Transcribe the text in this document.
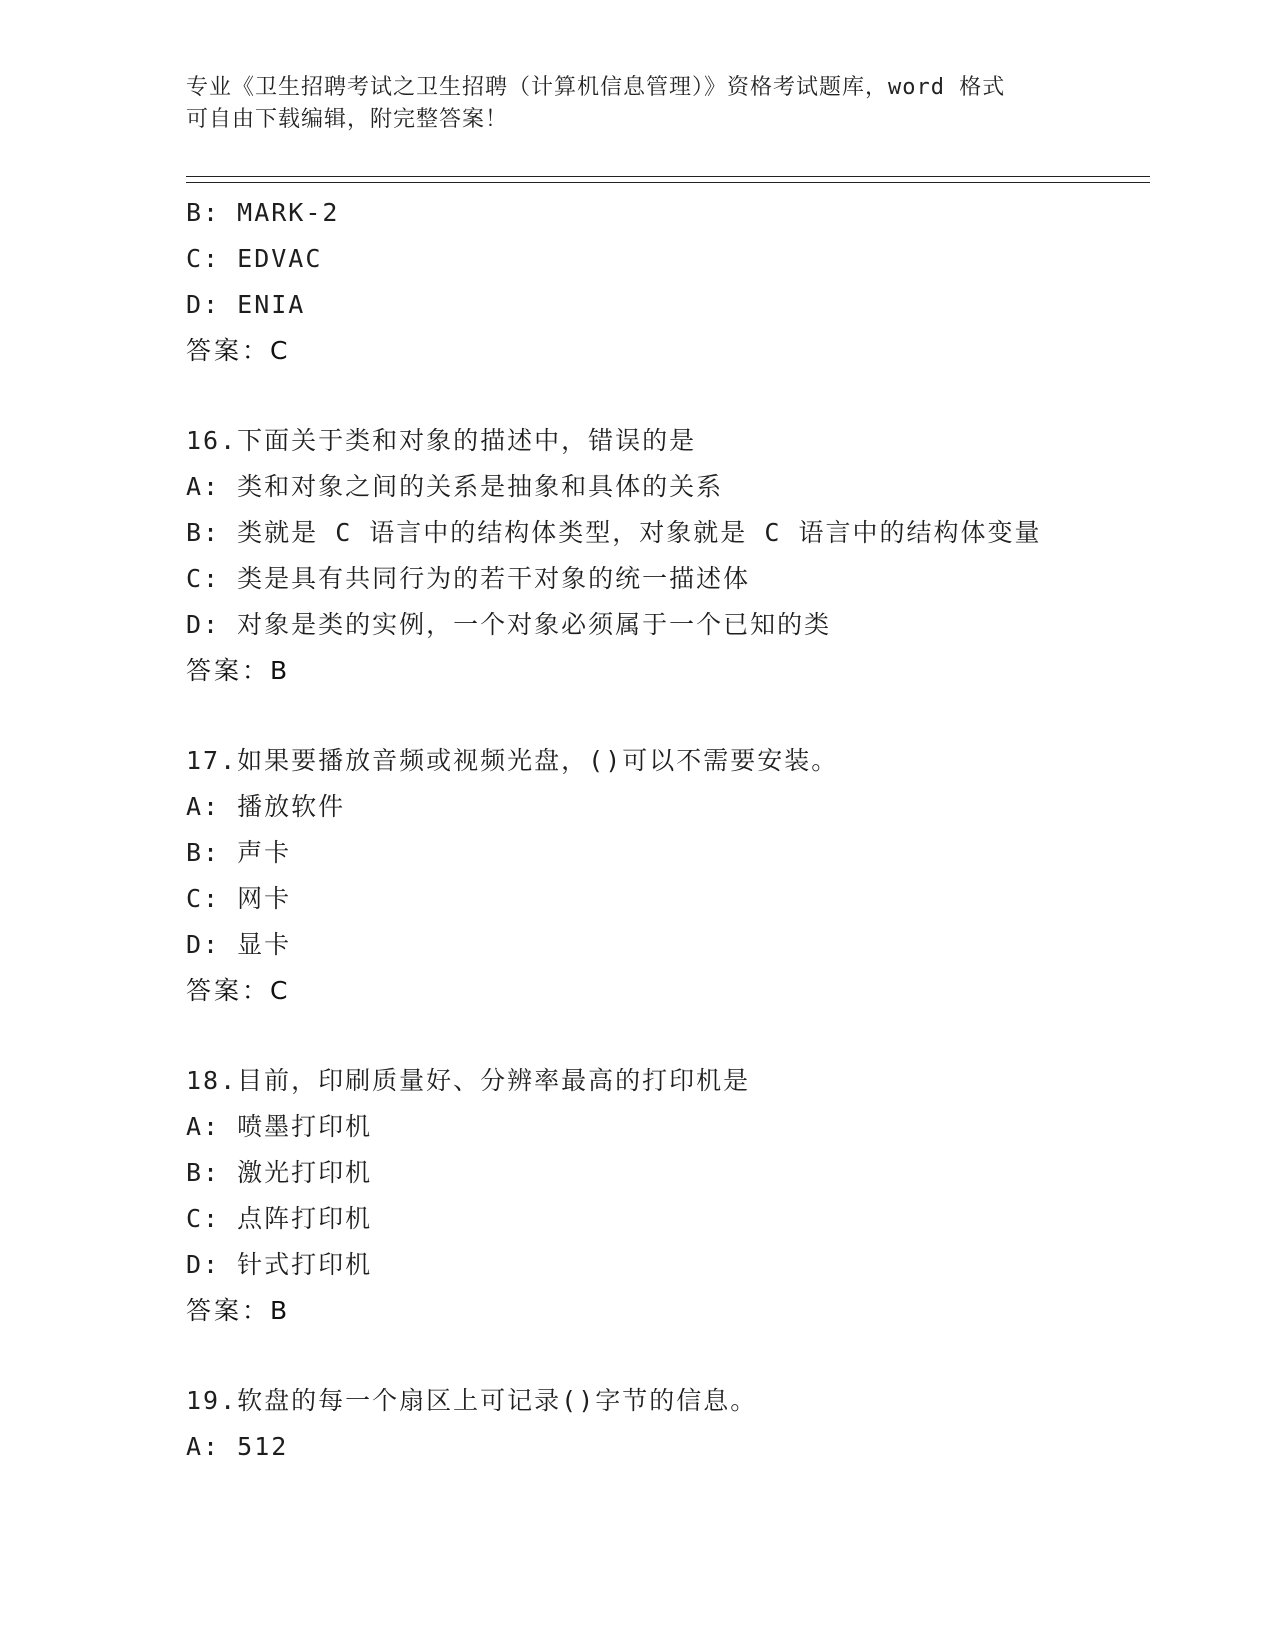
专业《卫生招聘考试之卫生招聘（计算机信息管理）》资格考试题库，word 格式
可自由下载编辑，附完整答案！
B: MARK-2
C: EDVAC
D: ENIA
答案：C
16.下面关于类和对象的描述中，错误的是
A: 类和对象之间的关系是抽象和具体的关系
B: 类就是 C 语言中的结构体类型，对象就是 C 语言中的结构体变量
C: 类是具有共同行为的若干对象的统一描述体
D: 对象是类的实例，一个对象必须属于一个已知的类
答案：B
17.如果要播放音频或视频光盘，()可以不需要安装。
A: 播放软件
B: 声卡
C: 网卡
D: 显卡
答案：C
18.目前，印刷质量好、分辨率最高的打印机是
A: 喷墨打印机
B: 激光打印机
C: 点阵打印机
D: 针式打印机
答案：B
19.软盘的每一个扇区上可记录()字节的信息。
A: 512
